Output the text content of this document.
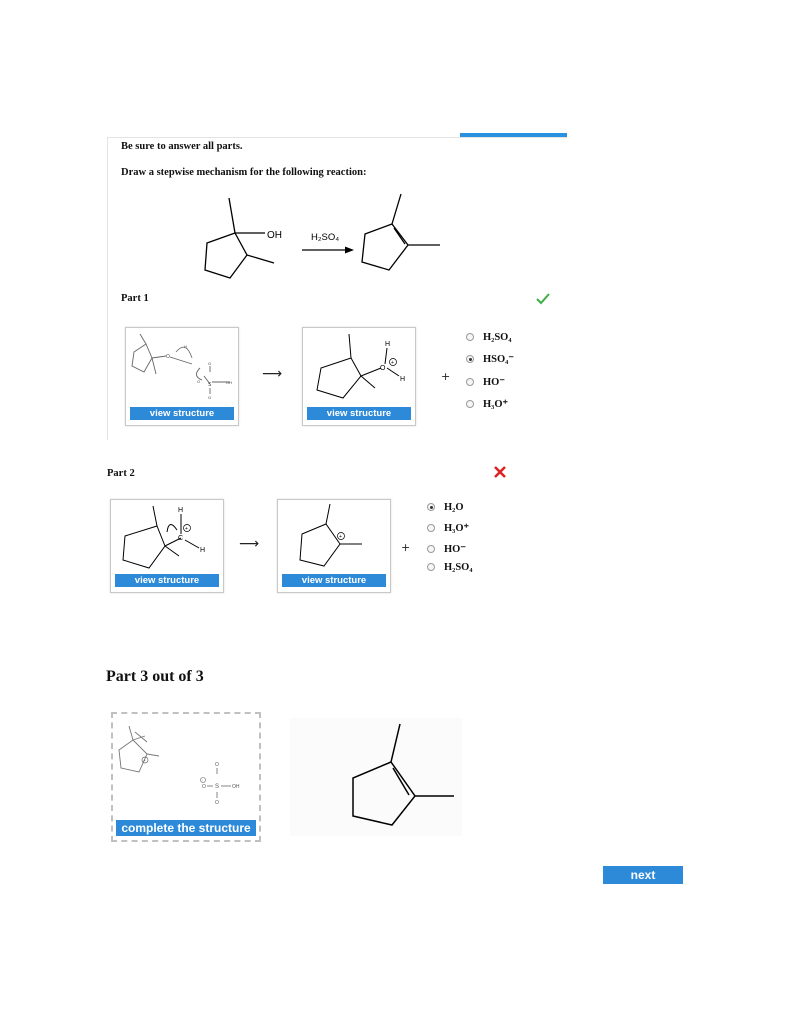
Be sure to answer all parts.
Draw a stepwise mechanism for the following reaction:
OH	H₂SO₄
Part 1
O
H
S
O	OH
O
O
view structure
⟶
H
O
+
H
view structure
+
H₂SO₄
HSO₄⁻
HO⁻
H₃O⁺
Part 2
H
C
+
H
view structure
⟶	+
view structure
+
H₂O
H₃O⁺
HO⁻
H₂SO₄
Part 3 out of 3
+
O
S
O
O	OH
-
complete the structure
next
